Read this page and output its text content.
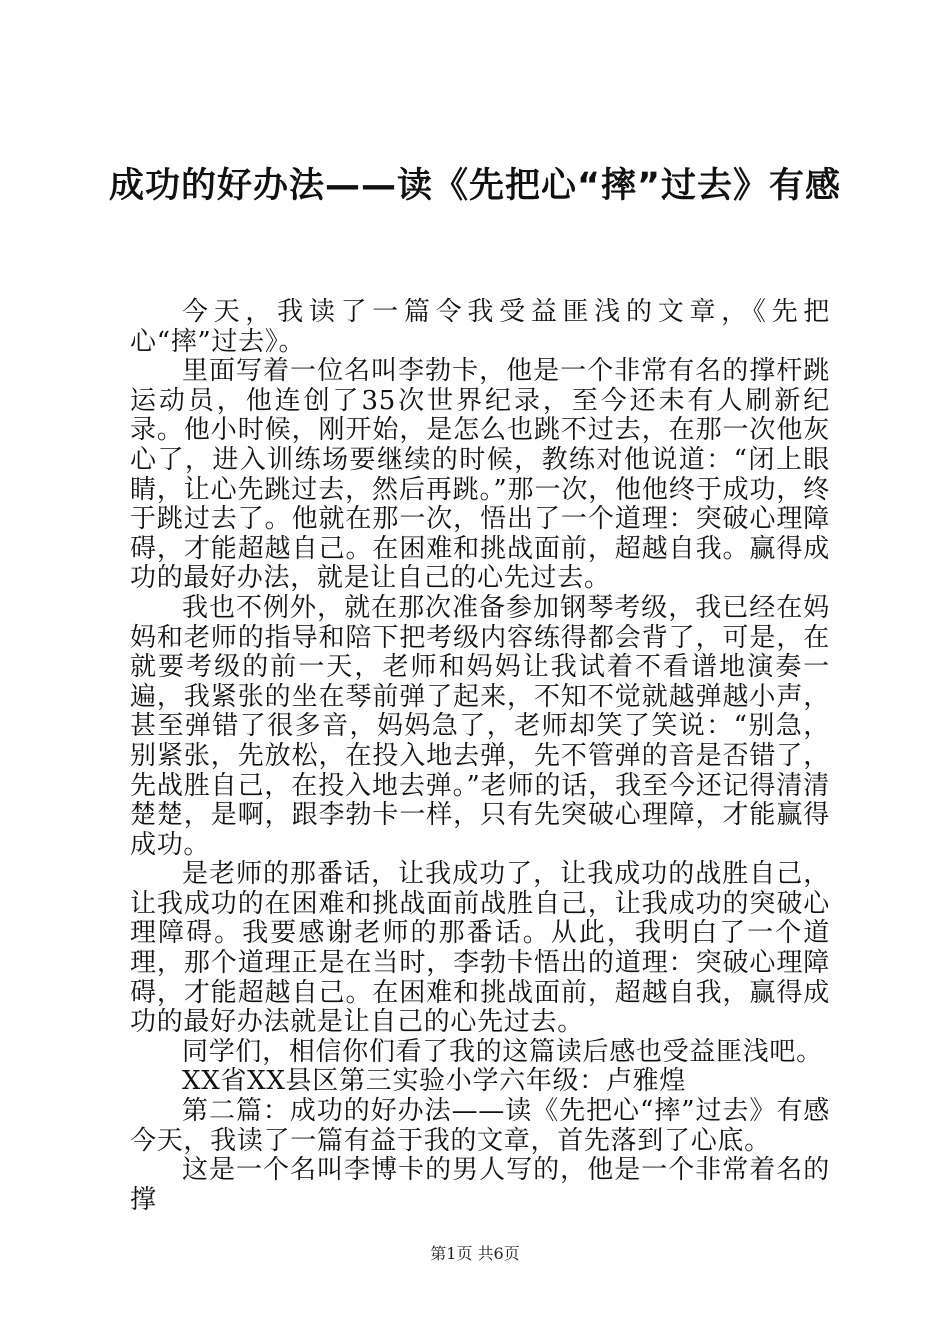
成功的好办法——读《先把心“摔”过去》有感

今天，我读了一篇令我受益匪浅的文章，《先把心“摔”过去》。

里面写着一位名叫李勃卡，他是一个非常有名的撑杆跳运动员，他连创了35次世界纪录，至今还未有人刷新纪录。他小时候，刚开始，是怎么也跳不过去，在那一次他灰心了，进入训练场要继续的时候，教练对他说道：“闭上眼睛，让心先跳过去，然后再跳。”那一次，他他终于成功，终于跳过去了。他就在那一次，悟出了一个道理：突破心理障碍，才能超越自己。在困难和挑战面前，超越自我。赢得成功的最好办法，就是让自己的心先过去。

我也不例外，就在那次准备参加钢琴考级，我已经在妈妈和老师的指导和陪下把考级内容练得都会背了，可是，在就要考级的前一天，老师和妈妈让我试着不看谱地演奏一遍，我紧张的坐在琴前弹了起来，不知不觉就越弹越小声，甚至弹错了很多音，妈妈急了，老师却笑了笑说：“别急，别紧张，先放松，在投入地去弹，先不管弹的音是否错了，先战胜自己，在投入地去弹。”老师的话，我至今还记得清清楚楚，是啊，跟李勃卡一样，只有先突破心理障，才能赢得成功。

是老师的那番话，让我成功了，让我成功的战胜自己，让我成功的在困难和挑战面前战胜自己，让我成功的突破心理障碍。我要感谢老师的那番话。从此，我明白了一个道理，那个道理正是在当时，李勃卡悟出的道理：突破心理障碍，才能超越自己。在困难和挑战面前，超越自我，赢得成功的最好办法就是让自己的心先过去。

同学们，相信你们看了我的这篇读后感也受益匪浅吧。

XX省XX县区第三实验小学六年级：卢雅煌

第二篇：成功的好办法——读《先把心“摔”过去》有感今天，我读了一篇有益于我的文章，首先落到了心底。

这是一个名叫李博卡的男人写的，他是一个非常着名的撑

第1页 共6页
